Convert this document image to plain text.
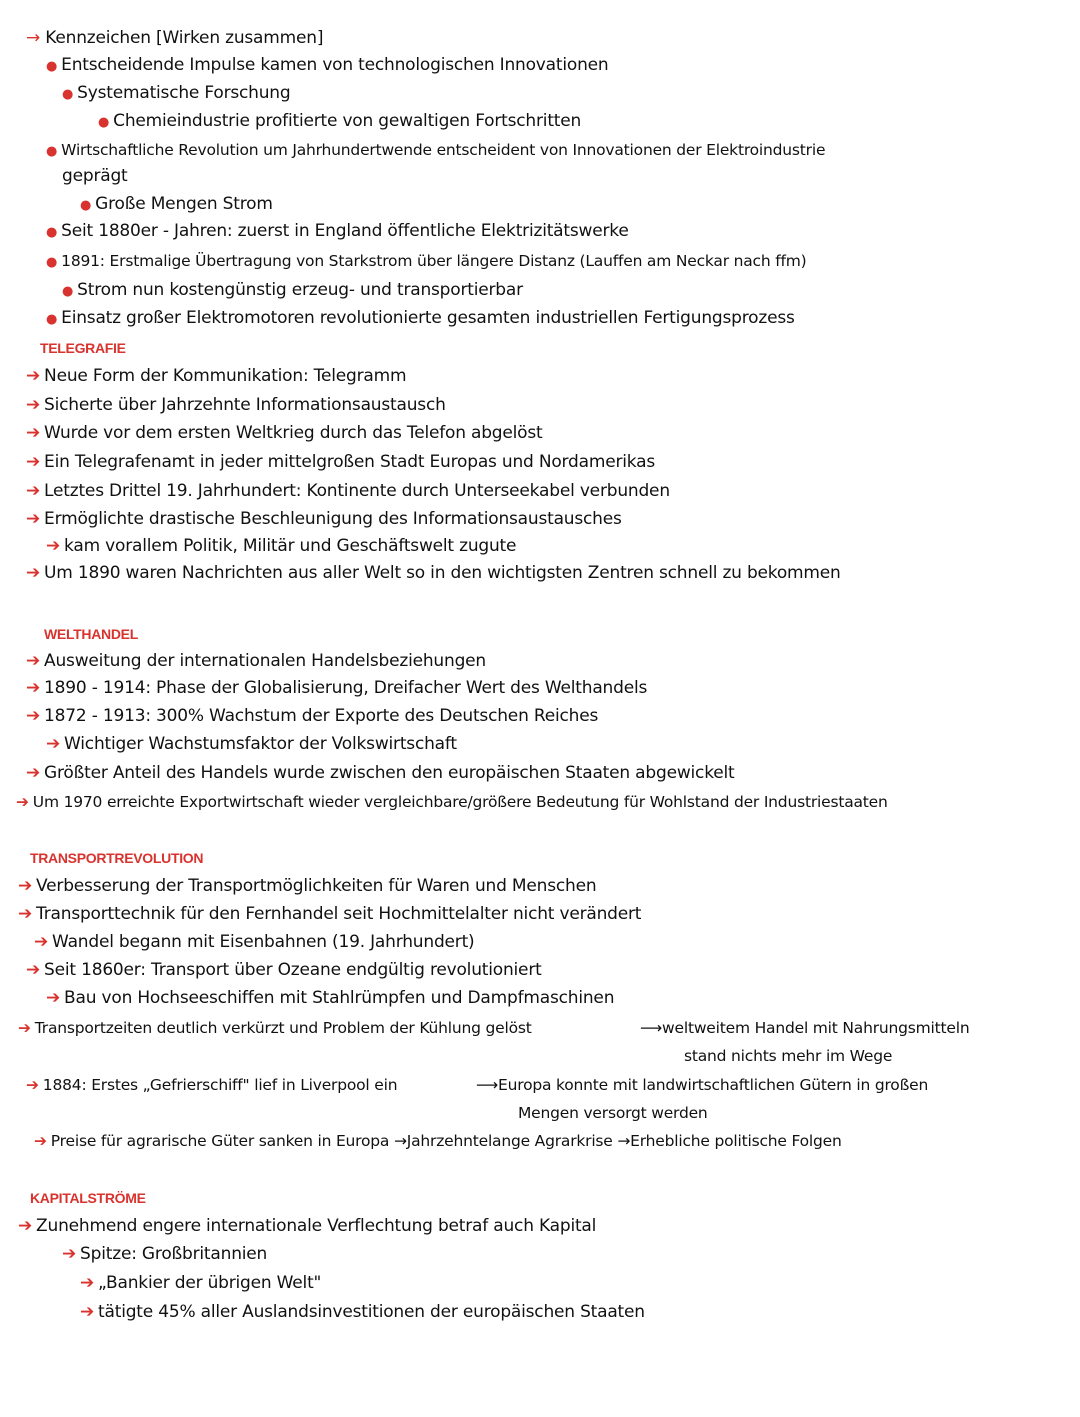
→ Kennzeichen [Wirken zusammen]
● Entscheidende Impulse kamen von technologischen Innovationen
● Systematische Forschung
● Chemieindustrie profitierte von gewaltigen Fortschritten
● Wirtschaftliche Revolution um Jahrhundertwende entscheident von Innovationen der Elektroindustrie
geprägt
● Große Mengen Strom
● Seit 1880er - Jahren: zuerst in England öffentliche Elektrizitätswerke
● 1891: Erstmalige Übertragung von Starkstrom über längere Distanz (Lauffen am Neckar nach ffm)
● Strom nun kostengünstig erzeug- und transportierbar
● Einsatz großer Elektromotoren revolutionierte gesamten industriellen Fertigungsprozess
TELEGRAFIE
➔ Neue Form der Kommunikation: Telegramm
➔ Sicherte über Jahrzehnte Informationsaustausch
➔ Wurde vor dem ersten Weltkrieg durch das Telefon abgelöst
➔ Ein Telegrafenamt in jeder mittelgroßen Stadt Europas und Nordamerikas
➔ Letztes Drittel 19. Jahrhundert: Kontinente durch Unterseekabel verbunden
➔ Ermöglichte drastische Beschleunigung des Informationsaustausches
➔ kam vorallem Politik, Militär und Geschäftswelt zugute
➔ Um 1890 waren Nachrichten aus aller Welt so in den wichtigsten Zentren schnell zu bekommen
WELTHANDEL
➔ Ausweitung der internationalen Handelsbeziehungen
➔ 1890 - 1914: Phase der Globalisierung, Dreifacher Wert des Welthandels
➔ 1872 - 1913: 300% Wachstum der Exporte des Deutschen Reiches
➔ Wichtiger Wachstumsfaktor der Volkswirtschaft
➔ Größter Anteil des Handels wurde zwischen den europäischen Staaten abgewickelt
➔ Um 1970 erreichte Exportwirtschaft wieder vergleichbare/größere Bedeutung für Wohlstand der Industriestaaten
TRANSPORTREVOLUTION
➔ Verbesserung der Transportmöglichkeiten für Waren und Menschen
➔ Transporttechnik für den Fernhandel seit Hochmittelalter nicht verändert
➔ Wandel begann mit Eisenbahnen (19. Jahrhundert)
➔ Seit 1860er: Transport über Ozeane endgültig revolutioniert
➔ Bau von Hochseeschiffen mit Stahlrümpfen und Dampfmaschinen
➔ Transportzeiten deutlich verkürzt und Problem der Kühlung gelöst	⟶weltweitem Handel mit Nahrungsmitteln
stand nichts mehr im Wege
➔ 1884: Erstes „Gefrierschiff" lief in Liverpool ein	⟶Europa konnte mit landwirtschaftlichen Gütern in großen
Mengen versorgt werden
➔ Preise für agrarische Güter sanken in Europa →Jahrzehntelange Agrarkrise →Erhebliche politische Folgen
KAPITALSTRÖME
➔ Zunehmend engere internationale Verflechtung betraf auch Kapital
➔ Spitze: Großbritannien
➔ „Bankier der übrigen Welt"
➔ tätigte 45% aller Auslandsinvestitionen der europäischen Staaten
